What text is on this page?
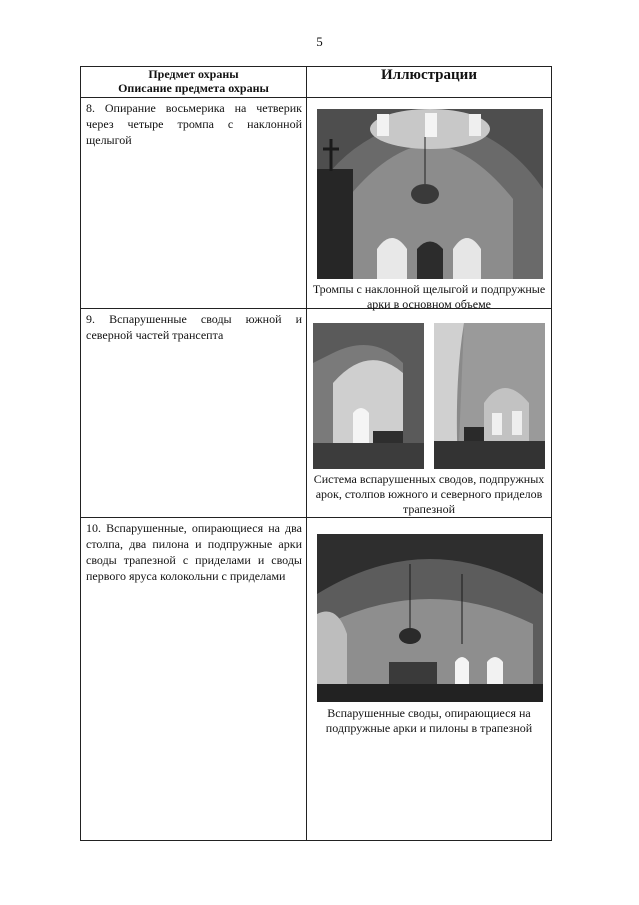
5
Предмет охраны
Описание предмета охраны	Иллюстрации

8. Опирание восьмерика на четверик через четыре тромпа с наклонной щелыгой	Тромпы с наклонной щелыгой и подпружные арки в основном объеме

9. Вспарушенные своды южной и северной частей трансепта	Система вспарушенных сводов, подпружных арок, столпов южного и северного приделов трапезной

10. Вспарушенные, опирающиеся на два столпа, два пилона и подпружные арки своды трапезной с приделами и своды первого яруса колокольни с приделами	Вспарушенные своды, опирающиеся на подпружные арки и пилоны в трапезной
